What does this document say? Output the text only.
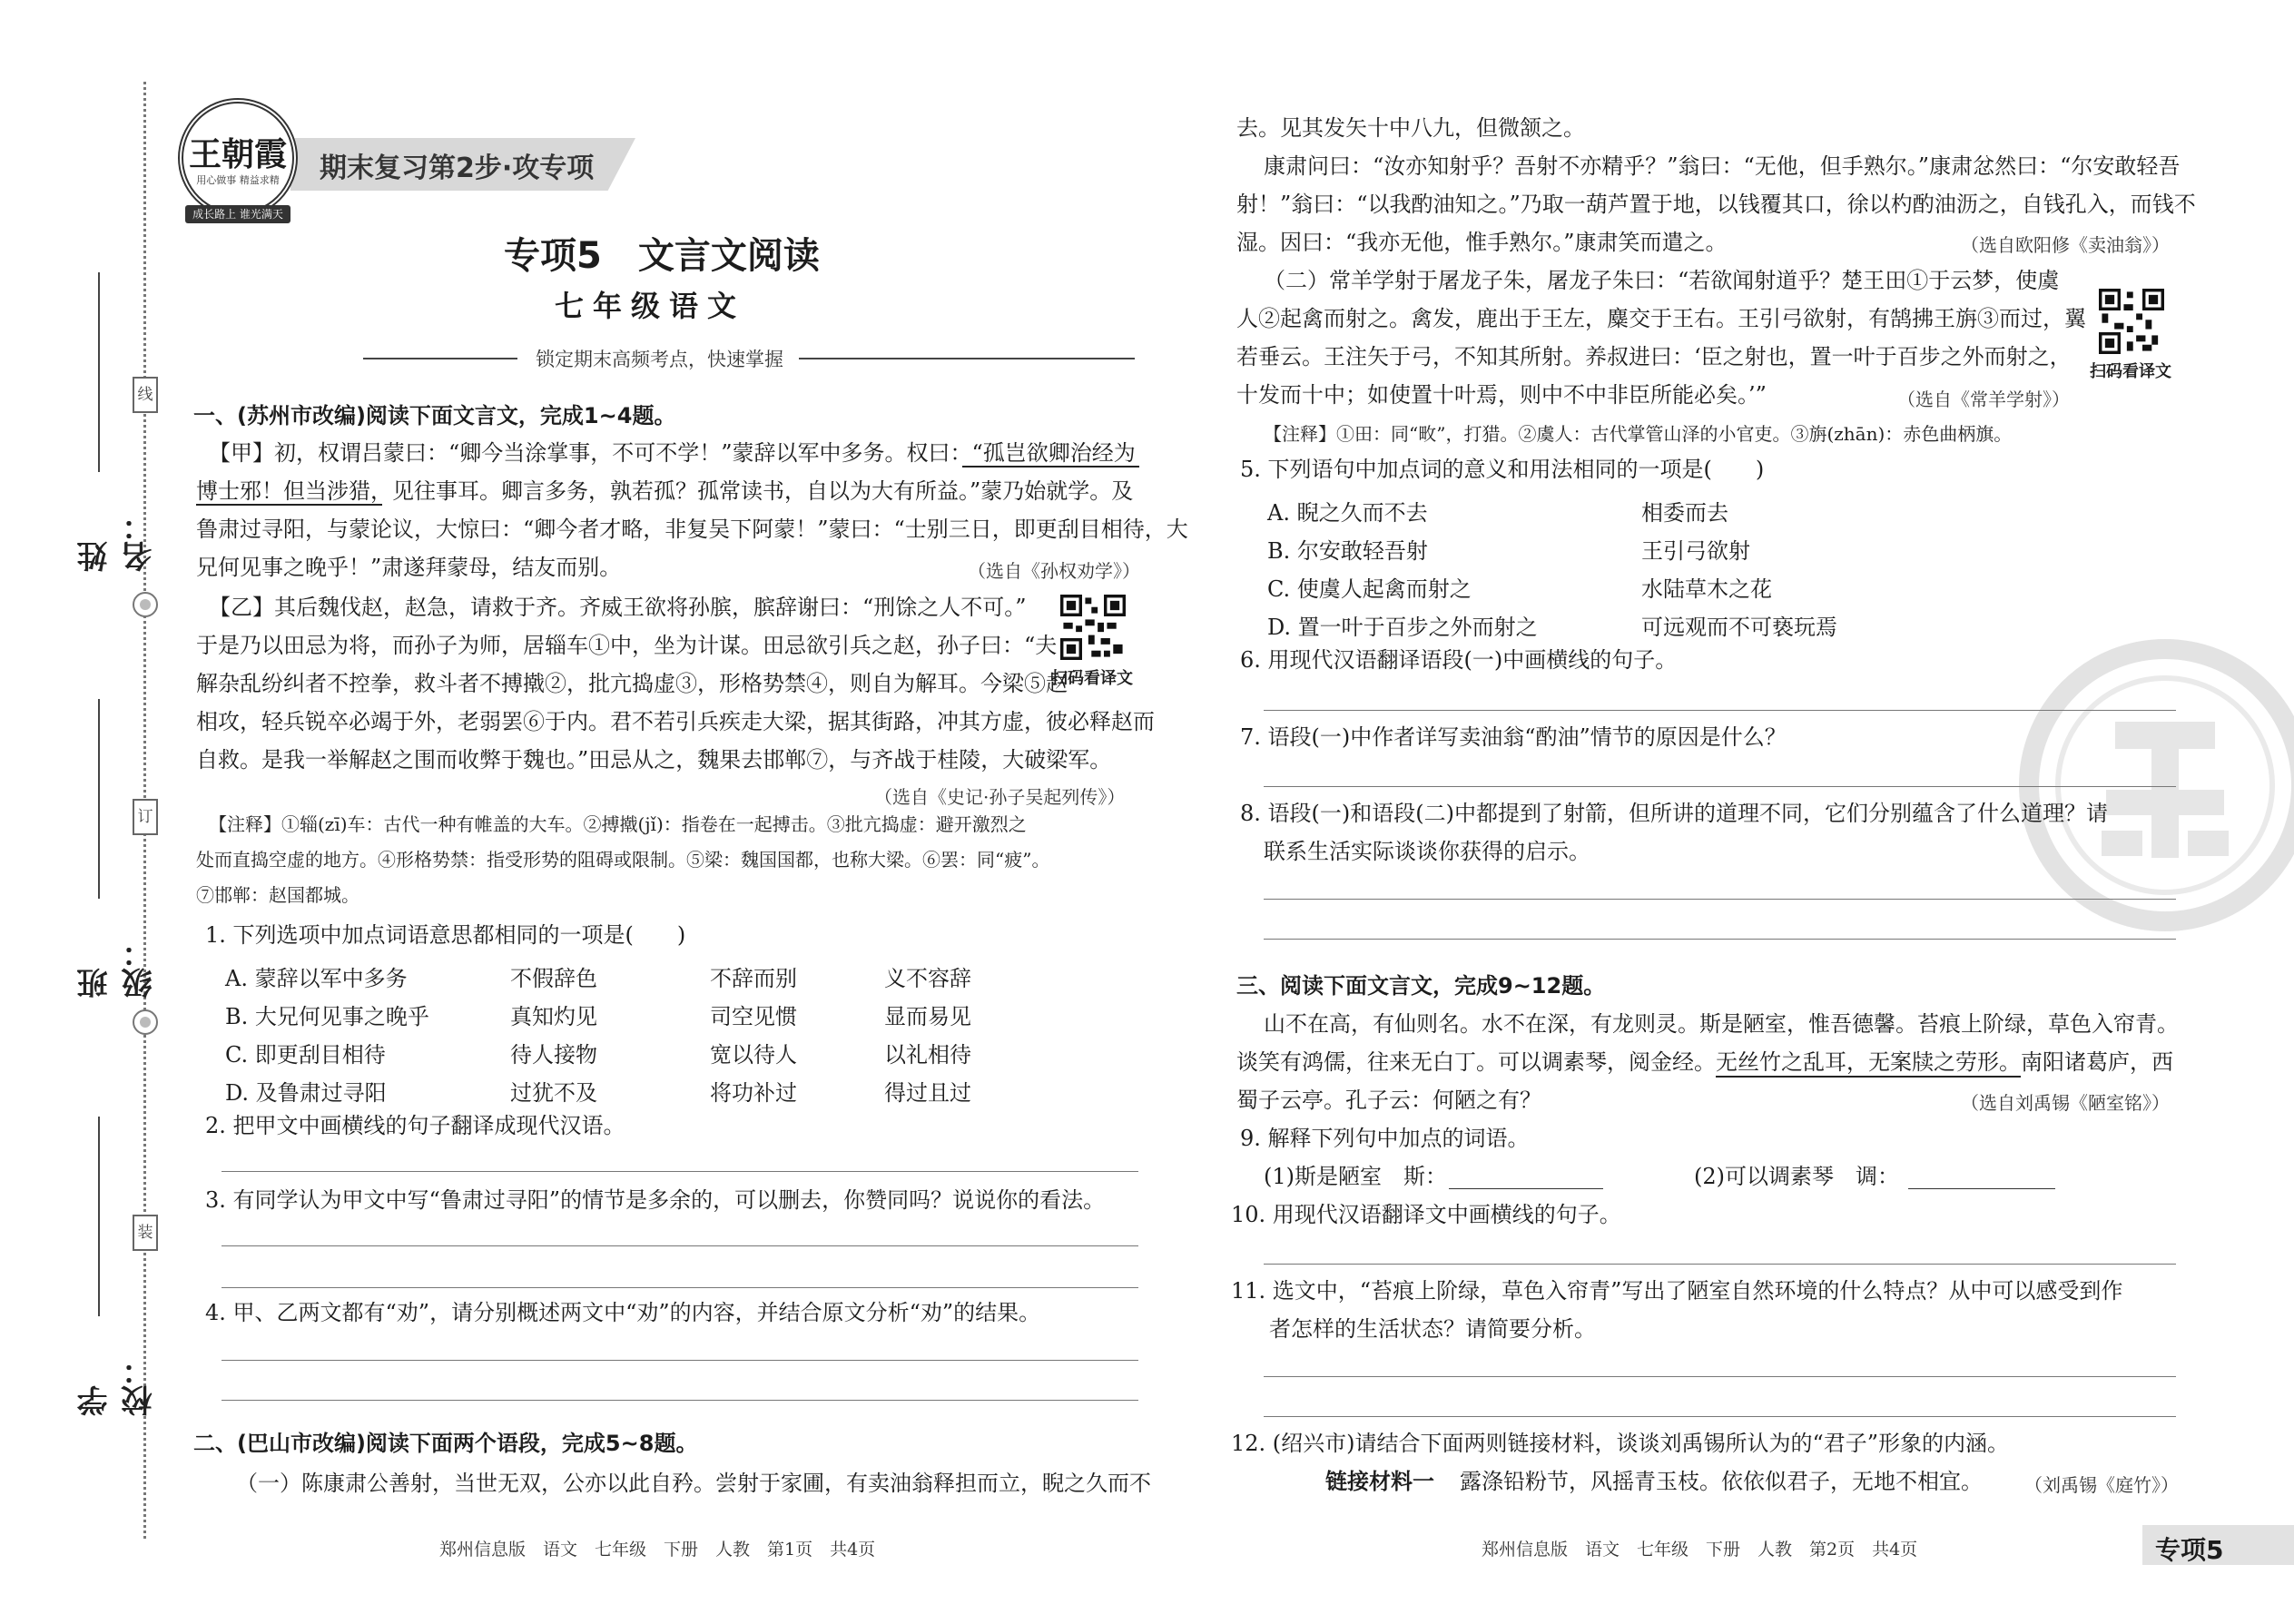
线
订
装
姓名：
班级：
学校：
期末复习第2步·攻专项
王朝霞
用心做事 精益求精
成长路上 谁光满天
专项5　文言文阅读
七年级语文
锁定期末高频考点，快速掌握
一、(苏州市改编)阅读下面文言文，完成1~4题。
【甲】初，权谓吕蒙曰：“卿今当涂掌事，不可不学！”蒙辞以军中多务。权曰：“孤岂欲卿治经为
博士邪！但当涉猎，见往事耳。卿言多务，孰若孤？孤常读书，自以为大有所益。”蒙乃始就学。及
鲁肃过寻阳，与蒙论议，大惊曰：“卿今者才略，非复吴下阿蒙！”蒙曰：“士别三日，即更刮目相待，大
兄何见事之晚乎！”肃遂拜蒙母，结友而别。	（选自《孙权劝学》）
【乙】其后魏伐赵，赵急，请救于齐。齐威王欲将孙膑，膑辞谢曰：“刑馀之人不可。”
于是乃以田忌为将，而孙子为师，居辎车①中，坐为计谋。田忌欲引兵之赵，孙子曰：“夫
解杂乱纷纠者不控拳，救斗者不搏撠②，批亢捣虚③，形格势禁④，则自为解耳。今梁⑤赵
相攻，轻兵锐卒必竭于外，老弱罢⑥于内。君不若引兵疾走大梁，据其街路，冲其方虚，彼必释赵而
自救。是我一举解赵之围而收弊于魏也。”田忌从之，魏果去邯郸⑦，与齐战于桂陵，大破梁军。
（选自《史记·孙子吴起列传》）
扫码看译文
【注释】①辎(zī)车：古代一种有帷盖的大车。②搏撠(jǐ)：指卷在一起搏击。③批亢捣虚：避开激烈之
处而直捣空虚的地方。④形格势禁：指受形势的阻碍或限制。⑤梁：魏国国都，也称大梁。⑥罢：同“疲”。
⑦邯郸：赵国都城。
1. 下列选项中加点词语意思都相同的一项是(　　)
A. 蒙辞以军中多务	不假辞色	不辞而别	义不容辞
B. 大兄何见事之晚乎	真知灼见	司空见惯	显而易见
C. 即更刮目相待	待人接物	宽以待人	以礼相待
D. 及鲁肃过寻阳	过犹不及	将功补过	得过且过
2. 把甲文中画横线的句子翻译成现代汉语。
3. 有同学认为甲文中写“鲁肃过寻阳”的情节是多余的，可以删去，你赞同吗？说说你的看法。
4. 甲、乙两文都有“劝”，请分别概述两文中“劝”的内容，并结合原文分析“劝”的结果。
二、(巴山市改编)阅读下面两个语段，完成5~8题。
（一）陈康肃公善射，当世无双，公亦以此自矜。尝射于家圃，有卖油翁释担而立，睨之久而不
郑州信息版　语文　七年级　下册　人教　第1页　共4页
去。见其发矢十中八九，但微颔之。
康肃问曰：“汝亦知射乎？吾射不亦精乎？”翁曰：“无他，但手熟尔。”康肃忿然曰：“尔安敢轻吾
射！”翁曰：“以我酌油知之。”乃取一葫芦置于地，以钱覆其口，徐以杓酌油沥之，自钱孔入，而钱不
湿。因曰：“我亦无他，惟手熟尔。”康肃笑而遣之。	（选自欧阳修《卖油翁》）
（二）常羊学射于屠龙子朱，屠龙子朱曰：“若欲闻射道乎？楚王田①于云梦，使虞
人②起禽而射之。禽发，鹿出于王左，麋交于王右。王引弓欲射，有鹄拂王旃③而过，翼
若垂云。王注矢于弓，不知其所射。养叔进曰：‘臣之射也，置一叶于百步之外而射之，
十发而十中；如使置十叶焉，则中不中非臣所能必矣。’”	（选自《常羊学射》）
扫码看译文
【注释】①田：同“畋”，打猎。②虞人：古代掌管山泽的小官吏。③旃(zhān)：赤色曲柄旗。
5. 下列语句中加点词的意义和用法相同的一项是(　　)
A. 睨之久而不去	相委而去
B. 尔安敢轻吾射	王引弓欲射
C. 使虞人起禽而射之	水陆草木之花
D. 置一叶于百步之外而射之	可远观而不可亵玩焉
6. 用现代汉语翻译语段(一)中画横线的句子。
7. 语段(一)中作者详写卖油翁“酌油”情节的原因是什么？
8. 语段(一)和语段(二)中都提到了射箭，但所讲的道理不同，它们分别蕴含了什么道理？请
联系生活实际谈谈你获得的启示。
三、阅读下面文言文，完成9~12题。
山不在高，有仙则名。水不在深，有龙则灵。斯是陋室，惟吾德馨。苔痕上阶绿，草色入帘青。
谈笑有鸿儒，往来无白丁。可以调素琴，阅金经。无丝竹之乱耳，无案牍之劳形。南阳诸葛庐，西
蜀子云亭。孔子云：何陋之有？	（选自刘禹锡《陋室铭》）
9. 解释下列句中加点的词语。
(1)斯是陋室　斯：	(2)可以调素琴　调：
10. 用现代汉语翻译文中画横线的句子。
11. 选文中，“苔痕上阶绿，草色入帘青”写出了陋室自然环境的什么特点？从中可以感受到作
者怎样的生活状态？请简要分析。
12. (绍兴市)请结合下面两则链接材料，谈谈刘禹锡所认为的“君子”形象的内涵。
链接材料一 露涤铅粉节，风摇青玉枝。依依似君子，无地不相宜。 （刘禹锡《庭竹》）
郑州信息版　语文　七年级　下册　人教　第2页　共4页	专项5
